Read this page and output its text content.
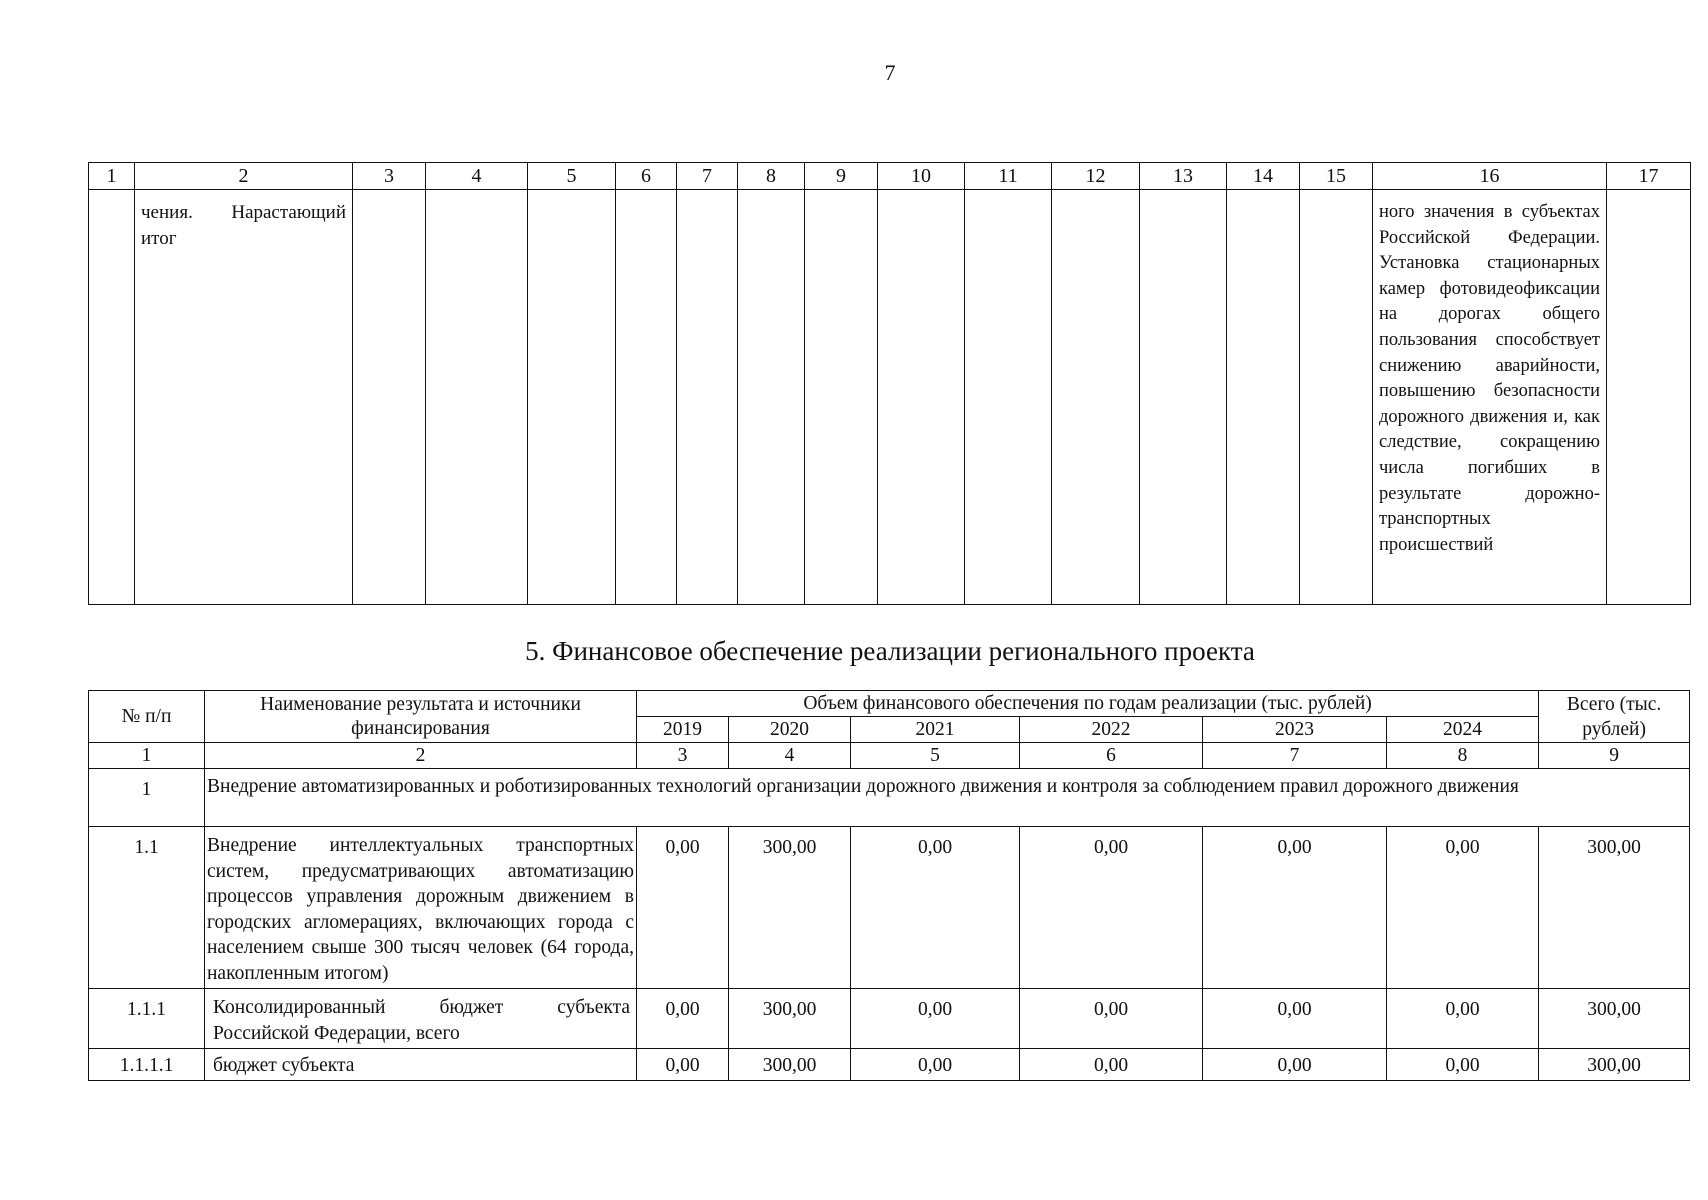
7
1	2	3	4	5	6	7	8	9	10	11	12	13	14	15	16	17

	чения. Нарастающий итог														ного значения в субъектах Российской Федерации. Установка стационарных камер фотовидеофиксации на дорогах общего пользования способствует снижению аварийности, повышению безопасности дорожного движения и, как следствие, сокращению числа погибших в результате дорожно-транспортных происшествий	

5. Финансовое обеспечение реализации регионального проекта
№ п/п	Наименование результата и источники финансирования	Объем финансового обеспечения по годам реализации (тыс. рублей)						Всего (тыс. рублей)
		2019	2020	2021	2022	2023	2024	
1	2	3	4	5	6	7	8	9
1	Внедрение автоматизированных и роботизированных технологий организации дорожного движения и контроля за соблюдением правил дорожного движения							
1.1	Внедрение интеллектуальных транспортных систем, предусматривающих автоматизацию процессов управления дорожным движением в городских агломерациях, включающих города с населением свыше 300 тысяч человек (64 города, накопленным итогом)	0,00	300,00	0,00	0,00	0,00	0,00	300,00
1.1.1	Консолидированный бюджет субъекта Российской Федерации, всего	0,00	300,00	0,00	0,00	0,00	0,00	300,00
1.1.1.1	бюджет субъекта	0,00	300,00	0,00	0,00	0,00	0,00	300,00
